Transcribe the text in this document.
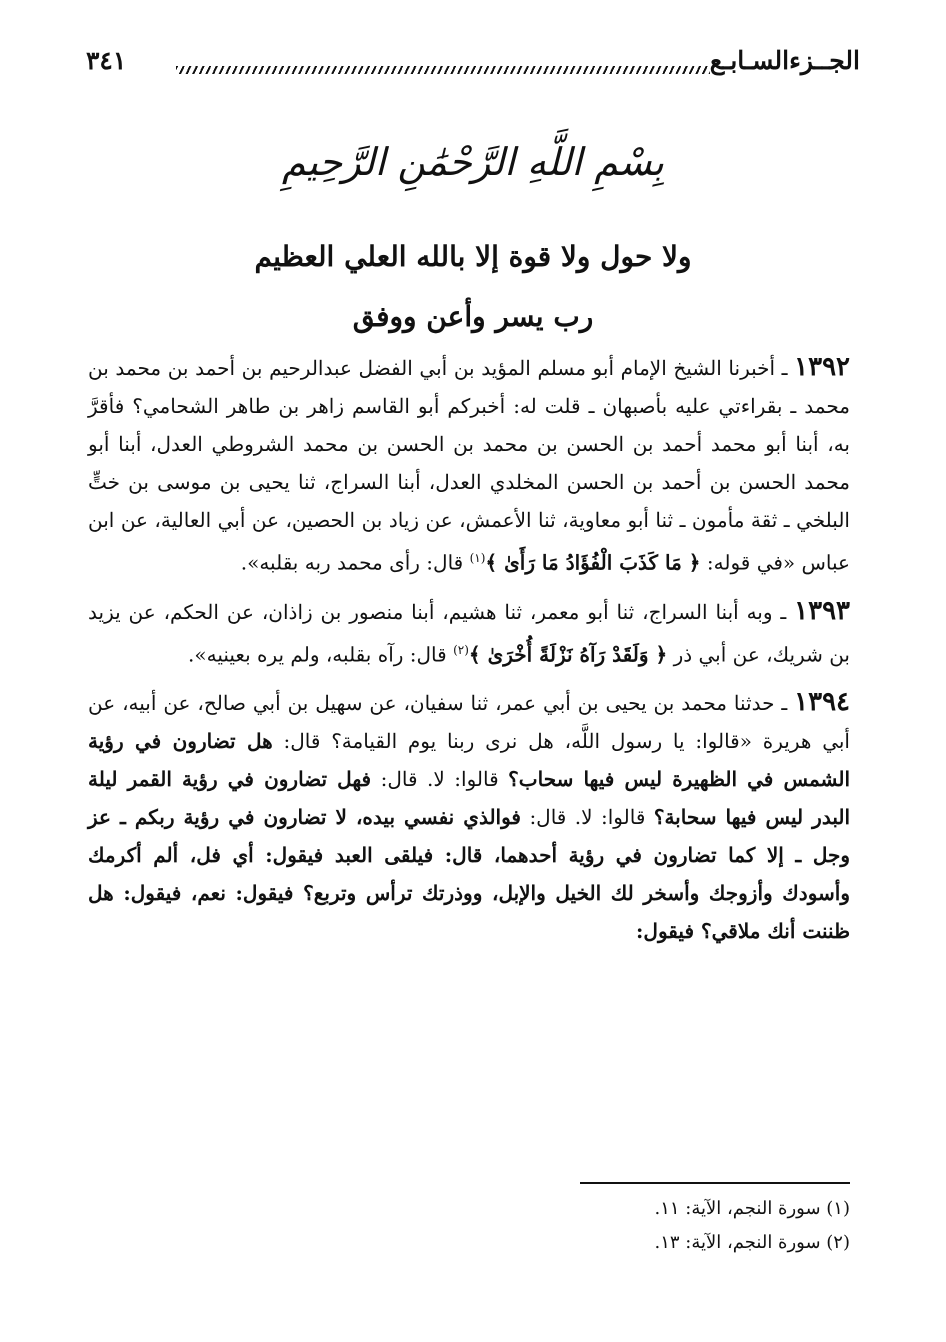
الجــزءالسـابـع
٣٤١
بِسْمِ اللَّهِ الرَّحْمَٰنِ الرَّحِيمِ
ولا حول ولا قوة إلا بالله العلي العظيم
رب يسر وأعن ووفق

١٣٩٢ ـ أخبرنا الشيخ الإمام أبو مسلم المؤيد بن أبي الفضل عبدالرحيم بن أحمد بن محمد بن محمد ـ بقراءتي عليه بأصبهان ـ قلت له: أخبركم أبو القاسم زاهر بن طاهر الشحامي؟ فأقرَّ به، أبنا أبو محمد أحمد بن الحسن بن محمد بن الحسن بن محمد الشروطي العدل، أبنا أبو محمد الحسن بن أحمد بن الحسن المخلدي العدل، أبنا السراج، ثنا يحيى بن موسى بن ختٍّ البلخي ـ ثقة مأمون ـ ثنا أبو معاوية، ثنا الأعمش، عن زياد بن الحصين، عن أبي العالية، عن ابن عباس «في قوله: ﴿ مَا كَذَبَ الْفُؤَادُ مَا رَأَىٰ ﴾$^{(١)}$ قال: رأى محمد ربه بقلبه».

١٣٩٣ ـ وبه أبنا السراج، ثنا أبو معمر، ثنا هشيم، أبنا منصور بن زاذان، عن الحكم، عن يزيد بن شريك، عن أبي ذر ﴿ وَلَقَدْ رَآهُ نَزْلَةً أُخْرَىٰ ﴾$^{(٢)}$ قال: رآه بقلبه، ولم يره بعينيه».

١٣٩٤ ـ حدثنا محمد بن يحيى بن أبي عمر، ثنا سفيان، عن سهيل بن أبي صالح، عن أبيه، عن أبي هريرة «قالوا: يا رسول اللَّه، هل نرى ربنا يوم القيامة؟ قال: هل تضارون في رؤية الشمس في الظهيرة ليس فيها سحاب؟ قالوا: لا. قال: فهل تضارون في رؤية القمر ليلة البدر ليس فيها سحابة؟ قالوا: لا. قال: فوالذي نفسي بيده، لا تضارون في رؤية ربكم ـ عز وجل ـ إلا كما تضارون في رؤية أحدهما، قال: فيلقى العبد فيقول: أي فل، ألم أكرمك وأسودك وأزوجك وأسخر لك الخيل والإبل، ووذرتك ترأس وتربع؟ فيقول: نعم، فيقول: هل ظننت أنك ملاقي؟ فيقول:

(١) سورة النجم، الآية: ١١.
(٢) سورة النجم، الآية: ١٣.
